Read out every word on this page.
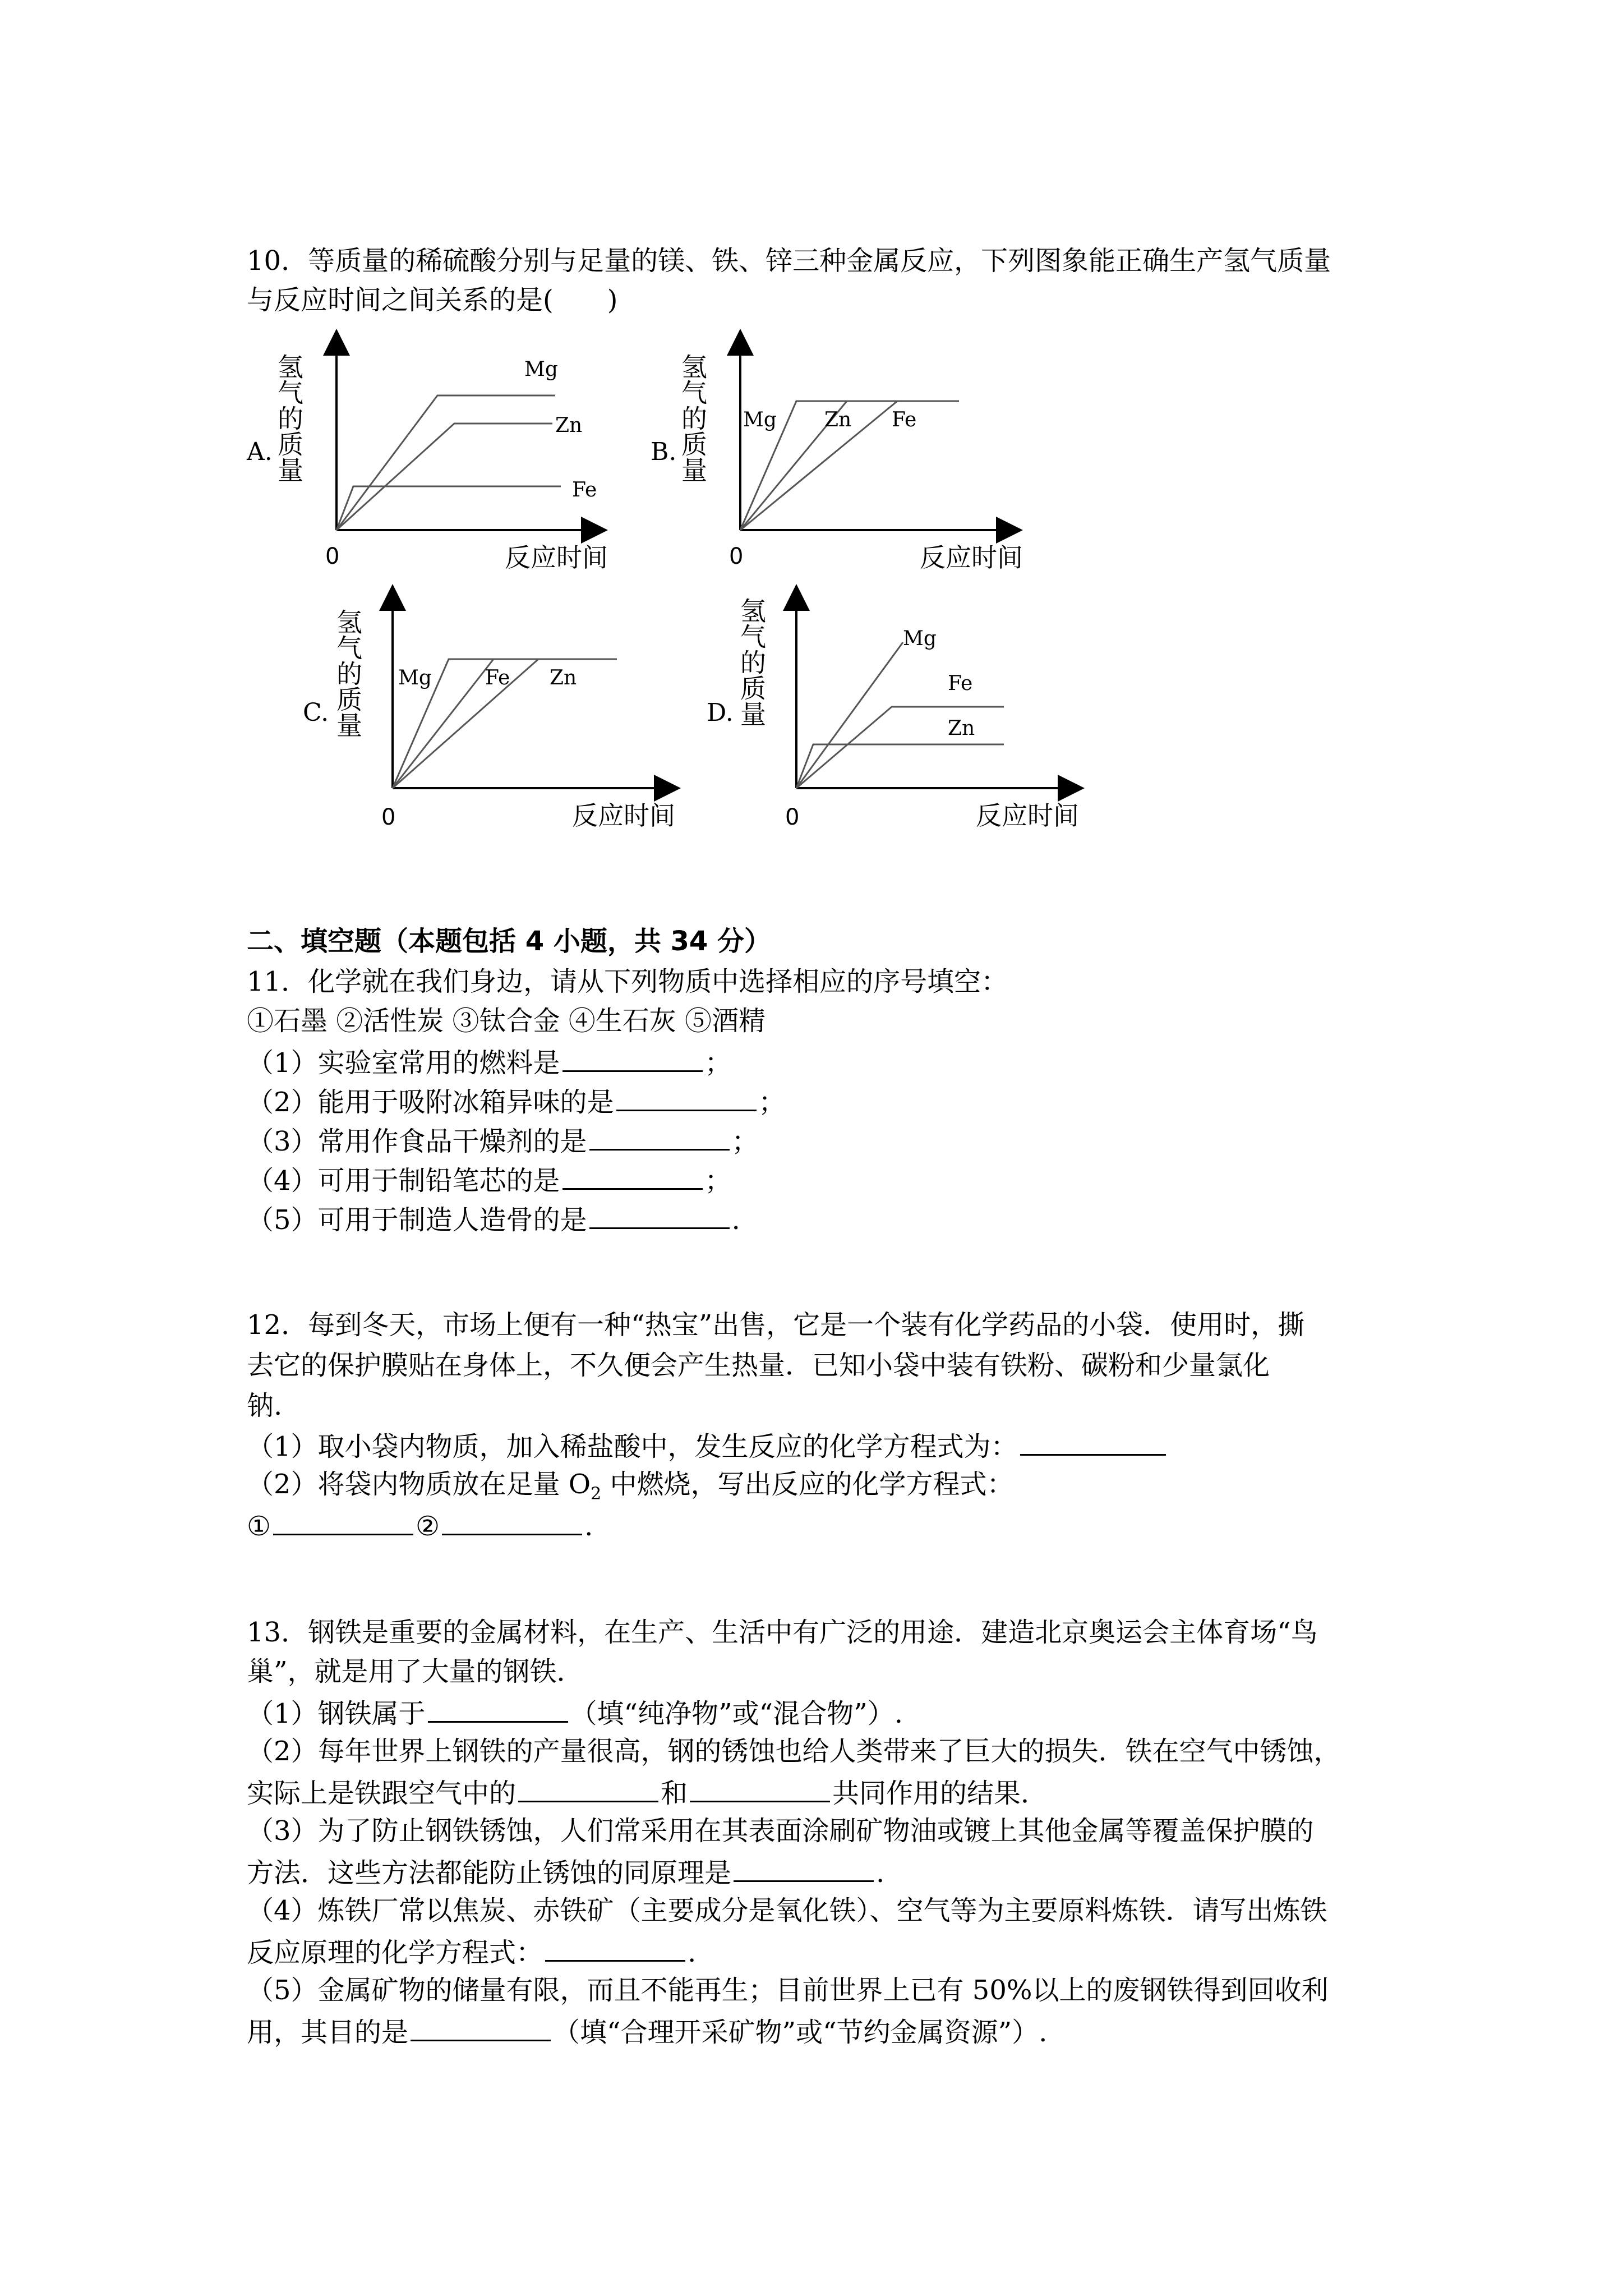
10．等质量的稀硫酸分别与足量的镁、铁、锌三种金属反应，下列图象能正确生产氢气质量
与反应时间之间关系的是(　　)
A. 氢气的质量
0	反应时间
Mg
Zn
Fe
B. 氢气的质量
0	反应时间
Mg Zn Fe
C. 氢气的质量
0	反应时间
Mg	Fe Zn
D. 氢气的质量
0	反应时间
Mg
Fe
Zn
二、填空题（本题包括 4 小题，共 34 分）
11．化学就在我们身边，请从下列物质中选择相应的序号填空：
①石墨 ②活性炭 ③钛合金 ④生石灰 ⑤酒精
（1）实验室常用的燃料是	；
（2）能用于吸附冰箱异味的是	；
（3）常用作食品干燥剂的是	；
（4）可用于制铅笔芯的是	；
（5）可用于制造人造骨的是	.
12．每到冬天，市场上便有一种“热宝”出售，它是一个装有化学药品的小袋．使用时，撕
去它的保护膜贴在身体上，不久便会产生热量．已知小袋中装有铁粉、碳粉和少量氯化
钠.
（1）取小袋内物质，加入稀盐酸中，发生反应的化学方程式为：
（2）将袋内物质放在足量 $O_2$ 中燃烧，写出反应的化学方程式：
①	②	.
13．钢铁是重要的金属材料，在生产、生活中有广泛的用途．建造北京奥运会主体育场“鸟
巢”，就是用了大量的钢铁．
（1）钢铁属于	（填“纯净物”或“混合物”）.
（2）每年世界上钢铁的产量很高，钢的锈蚀也给人类带来了巨大的损失．铁在空气中锈蚀，
实际上是铁跟空气中的	和	共同作用的结果．
（3）为了防止钢铁锈蚀，人们常采用在其表面涂刷矿物油或镀上其他金属等覆盖保护膜的
方法．这些方法都能防止锈蚀的同原理是	.
（4）炼铁厂常以焦炭、赤铁矿（主要成分是氧化铁）、空气等为主要原料炼铁．请写出炼铁
反应原理的化学方程式：	.
（5）金属矿物的储量有限，而且不能再生；目前世界上已有 50%以上的废钢铁得到回收利
用，其目的是	（填“合理开采矿物”或“节约金属资源”）.
